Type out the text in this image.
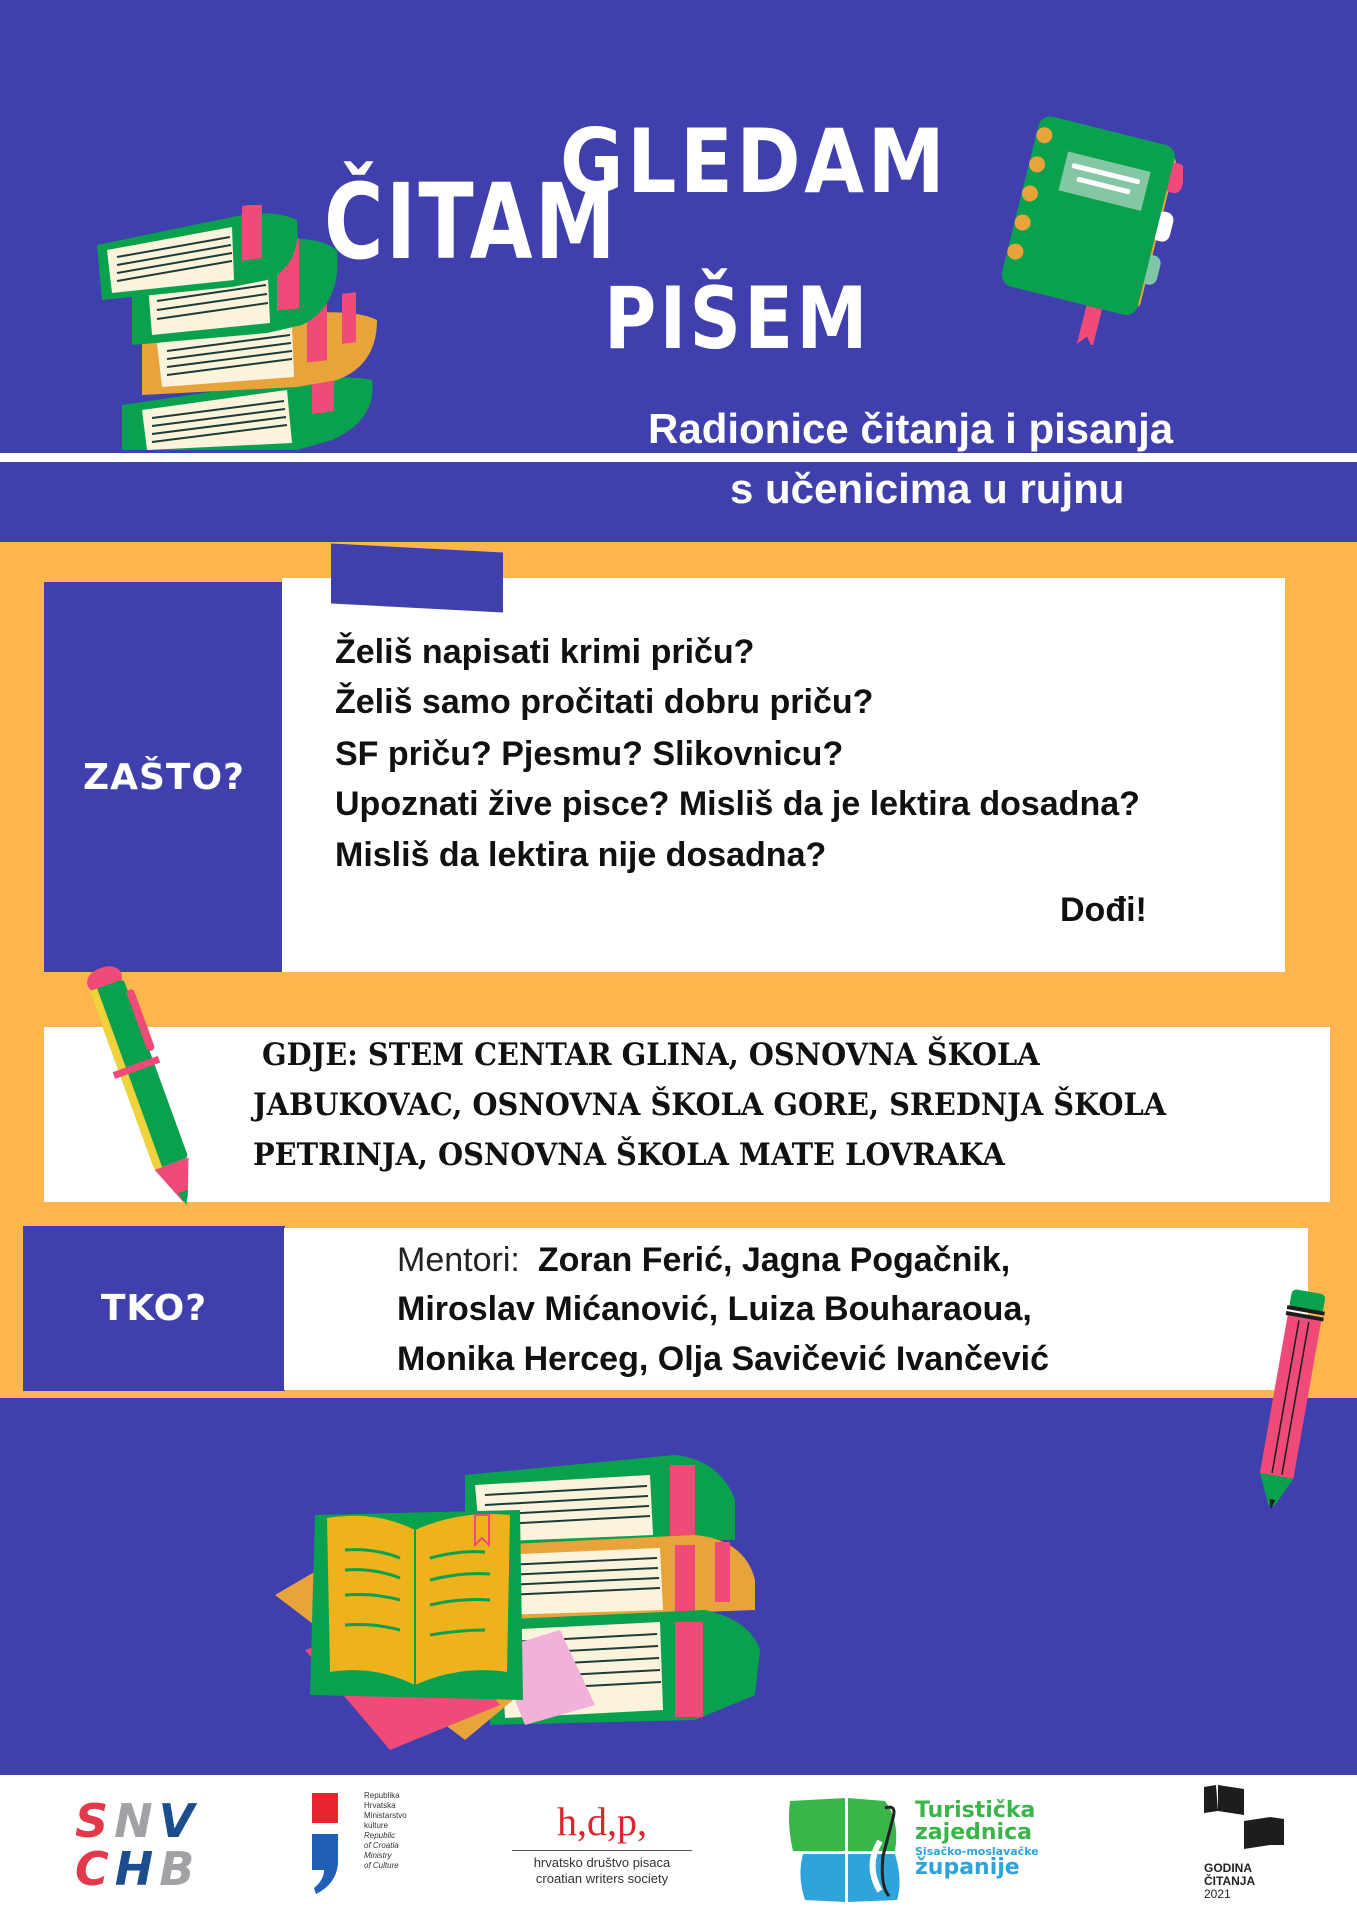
GLEDAM
ČITAM
PIŠEM
Radionice čitanja i pisanja
s učenicima u rujnu
ZAŠTO?
Želiš napisati krimi priču?
Želiš samo pročitati dobru priču?
SF priču? Pjesmu? Slikovnicu?
Upoznati žive pisce? Misliš da je lektira dosadna?
Misliš da lektira nije dosadna?
Dođi!
GDJE: STEM CENTAR GLINA, OSNOVNA ŠKOLA
JABUKOVAC, OSNOVNA ŠKOLA GORE, SREDNJA ŠKOLA
PETRINJA, OSNOVNA ŠKOLA MATE LOVRAKA
TKO?
Mentori: Zoran Ferić, Jagna Pogačnik,
Miroslav Mićanović, Luiza Bouharaoua,
Monika Herceg, Olja Savičević Ivančević
SNV
CHB
Republika
Hrvatska
Ministarstvo
kulture
Republic
of Croatia
Ministry
of Culture
h,d,p,
hrvatsko društvo pisaca
croatian writers society
Turistička
zajednica
Sisačko-moslavačke
županije	GODINA
ČITANJA
2021
